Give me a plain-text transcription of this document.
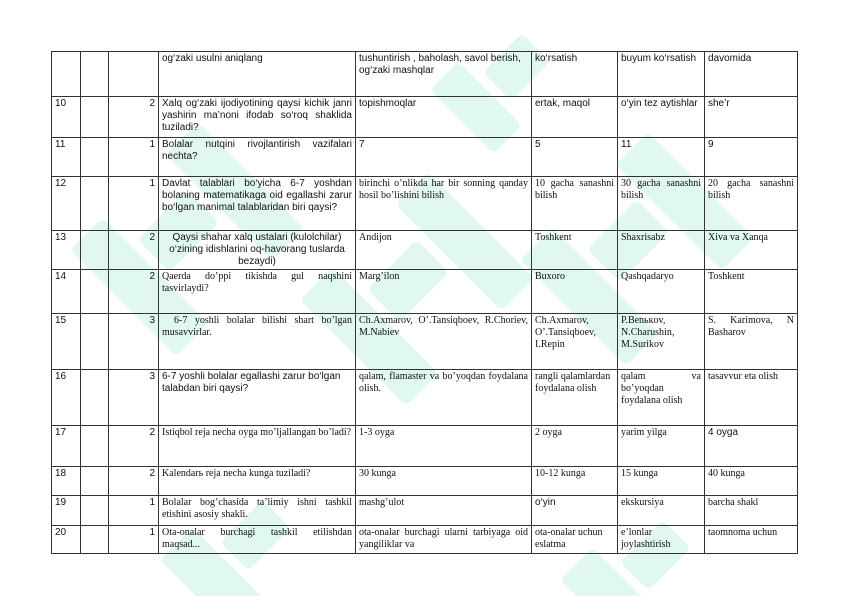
			og‘zaki usulni aniqlang	tushuntirish , baholash, savol berish, og‘zaki mashqlar	ko‘rsatish	buyum ko‘rsatish	davomida
10		2	Xalq og‘zaki ijodiyotining qaysi kichik janri yashirin ma’noni ifodab so‘roq shaklida tuziladi?	topishmoqlar	ertak, maqol	o‘yin tez aytishlar	she’r
11		1	Bolalar nutqini rivojlantirish vazifalari nechta?	7	5	11	9
12		1	Davlat talablari bo‘yicha 6-7 yoshdan bolaning matematikaga oid egallashi zarur bo‘lgan manimal talablaridan biri qaysi?	birinchi o’nlikda har bir sonning qanday hosil bo’lishini bilish	10 gacha sanashni bilish	30 gacha sanashni bilish	20 gacha sanashni bilish
13		2	Qaysi shahar xalq ustalari (kulolchilar) o‘zining idishlarini oq-havorang tuslarda bezaydi)	Andijon	Toshkent	Shaxrisabz	Xiva va Xanqa
14		2	Qaerda do’ppi tikishda gul naqshini tasvirlaydi?	Marg’ilon	Buxoro	Qashqadaryo	Toshkent
15		3	6-7 yoshli bolalar bilishi shart bo’lgan musavvirlar.	Ch.Axmarov, O’.Tansiqboev, R.Choriev, M.Nabiev	Ch.Axmarov, O’.Tansiqboev, I.Repin	P.Benькov, N.Charushin, M.Surikov	S. Karimova, N Basharov
16		3	6-7 yoshli bolalar egallashi zarur bo‘lgan talabdan biri qaysi?	qalam, flamaster va bo’yoqdan foydalana olish.	rangli qalamlardan foydalana olish	qalam va bo’yoqdan foydalana olish	tasavvur eta olish
17		2	Istiqbol reja necha oyga mo’ljallangan bo’ladi?	1-3 oyga	2 oyga	yarim yilga	4 oyga
18		2	Kalendarь reja necha kunga tuziladi?	30 kunga	10-12 kunga	15 kunga	40 kunga
19		1	Bolalar bog’chasida ta’limiy ishni tashkil etishini asosiy shakli.	mashg’ulot	o‘yin	ekskursiya	barcha shakl
20		1	Ota-onalar burchagi tashkil etilishdan maqsad...	ota-onalar burchagi ularni tarbiyaga oid yangiliklar va	ota-onalar uchun eslatma	e’lonlar joylashtirish	taomnoma uchun
